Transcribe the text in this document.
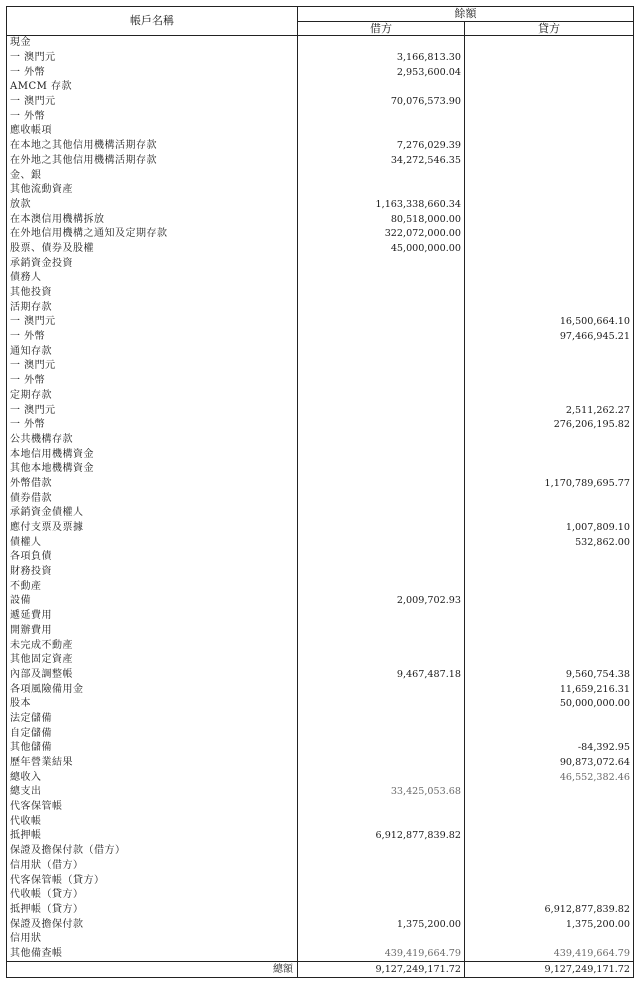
帳戶名稱	餘額	
	借方	貸方
現金		
一 澳門元	3,166,813.30	
一 外幣	2,953,600.04	
AMCM 存款		
一 澳門元	70,076,573.90	
一 外幣		
應收帳項		
在本地之其他信用機構活期存款	7,276,029.39	
在外地之其他信用機構活期存款	34,272,546.35	
金、銀		
其他流動資產		
放款	1,163,338,660.34	
在本澳信用機構拆放	80,518,000.00	
在外地信用機構之通知及定期存款	322,072,000.00	
股票、債券及股權	45,000,000.00	
承銷資金投資		
債務人		
其他投資		
活期存款		
一 澳門元		16,500,664.10
一 外幣		97,466,945.21
通知存款		
一 澳門元		
一 外幣		
定期存款		
一 澳門元		2,511,262.27
一 外幣		276,206,195.82
公共機構存款		
本地信用機構資金		
其他本地機構資金		
外幣借款		1,170,789,695.77
債券借款		
承銷資金債權人		
應付支票及票據		1,007,809.10
債權人		532,862.00
各項負債		
財務投資		
不動產		
設備	2,009,702.93	
遞延費用		
開辦費用		
未完成不動產		
其他固定資產		
內部及調整帳	9,467,487.18	9,560,754.38
各項風險備用金		11,659,216.31
股本		50,000,000.00
法定儲備		
自定儲備		
其他儲備		-84,392.95
歷年營業結果		90,873,072.64
總收入		46,552,382.46
總支出	33,425,053.68	
代客保管帳		
代收帳		
抵押帳	6,912,877,839.82	
保證及擔保付款（借方）		
信用狀（借方）		
代客保管帳（貸方）		
代收帳（貸方）		
抵押帳（貸方）		6,912,877,839.82
保證及擔保付款	1,375,200.00	1,375,200.00
信用狀		
其他備查帳	439,419,664.79	439,419,664.79
總額	9,127,249,171.72	9,127,249,171.72
